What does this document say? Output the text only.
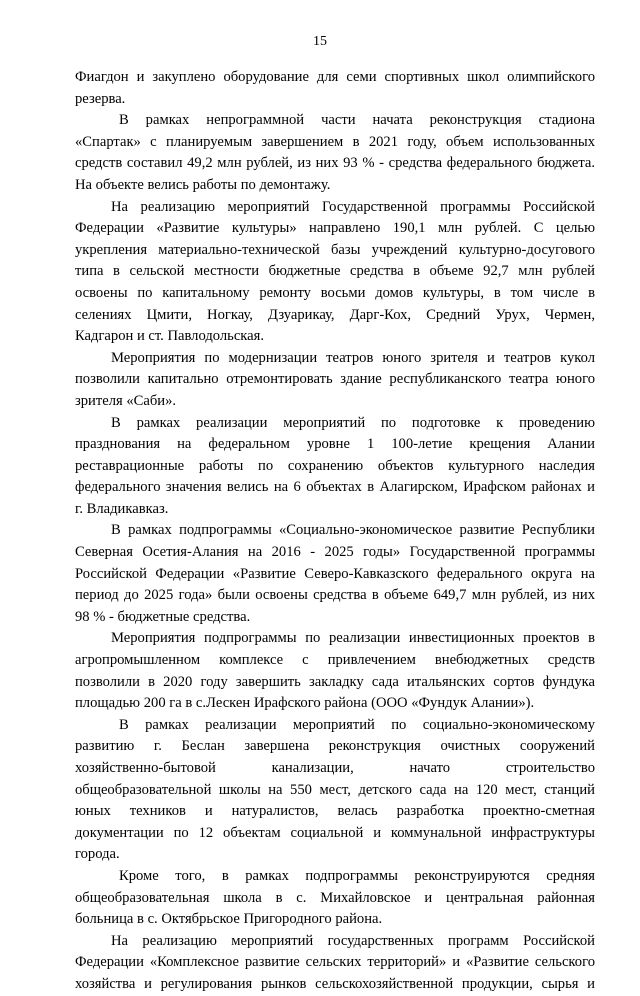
15
Фиагдон и закуплено оборудование для семи спортивных школ олимпийского
резерва.
В рамках непрограммной части начата реконструкция стадиона
«Спартак» с планируемым завершением в 2021 году, объем использованных
средств составил 49,2 млн рублей, из них 93 % - средства федерального бюджета.
На объекте велись работы по демонтажу.
На реализацию мероприятий Государственной программы Российской
Федерации «Развитие культуры» направлено 190,1 млн рублей. С целью
укрепления материально-технической базы учреждений культурно-досугового
типа в сельской местности бюджетные средства в объеме 92,7 млн рублей
освоены по капитальному ремонту восьми домов культуры, в том числе в
селениях Цмити, Ногкау, Дзуарикау, Дарг-Кох, Средний Урух, Чермен,
Кадгарон и ст. Павлодольская.
Мероприятия по модернизации театров юного зрителя и театров кукол
позволили капитально отремонтировать здание республиканского театра юного
зрителя «Саби».
В рамках реализации мероприятий по подготовке к проведению
празднования на федеральном уровне 1 100-летие крещения Алании
реставрационные работы по сохранению объектов культурного наследия
федерального значения велись на 6 объектах в Алагирском, Ирафском районах и
г. Владикавказ.
В рамках подпрограммы «Социально-экономическое развитие Республики
Северная Осетия-Алания на 2016 - 2025 годы» Государственной программы
Российской Федерации «Развитие Северо-Кавказского федерального округа на
период до 2025 года» были освоены средства в объеме 649,7 млн рублей, из них
98 % - бюджетные средства.
Мероприятия подпрограммы по реализации инвестиционных проектов в
агропромышленном комплексе с привлечением внебюджетных средств
позволили в 2020 году завершить закладку сада итальянских сортов фундука
площадью 200 га в с.Лескен Ирафского района (ООО «Фундук Алании»).
В рамках реализации мероприятий по социально-экономическому
развитию г. Беслан завершена реконструкция очистных сооружений
хозяйственно-бытовой канализации, начато строительство
общеобразовательной школы на 550 мест, детского сада на 120 мест, станций
юных техников и натуралистов, велась разработка проектно-сметная
документации по 12 объектам социальной и коммунальной инфраструктуры
города.
Кроме того, в рамках подпрограммы реконструируются средняя
общеобразовательная школа в с. Михайловское и центральная районная
больница в с. Октябрьское Пригородного района.
На реализацию мероприятий государственных программ Российской
Федерации «Комплексное развитие сельских территорий» и «Развитие сельского
хозяйства и регулирования рынков сельскохозяйственной продукции, сырья и
